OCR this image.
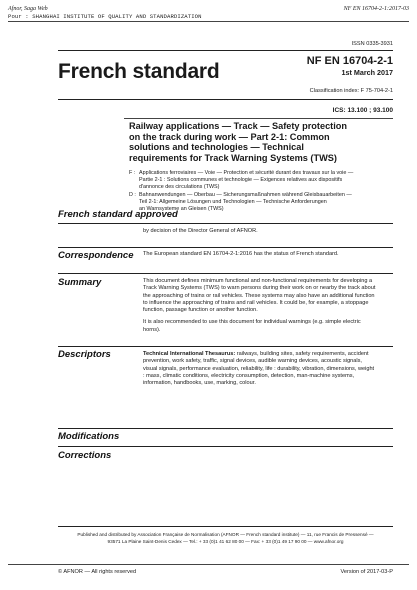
Afnor, Saga Web
Pour : SHANGHAI INSTITUTE OF QUALITY AND STANDARDIZATION
NF EN 16704-2-1:2017-03
ISSN 0335-3931
French standard	NF EN 16704-2-1
1st March 2017
Classification index: F 75-704-2-1
ICS: 13.100 ; 93.100
Railway applications — Track — Safety protection
on the track during work — Part 2-1: Common
solutions and technologies — Technical
requirements for Track Warning Systems (TWS)
F : Applications ferroviaires — Voie — Protection et sécurité durant des travaux sur la voie —
Partie 2-1 : Solutions communes et technologie — Exigences relatives aux dispositifs
d'annonce des circulations (TWS)
D : Bahnanwendungen — Oberbau — Sicherungsmaßnahmen während Gleisbauarbeiten —
Teil 2-1: Allgemeine Lösungen und Technologien — Technische Anforderungen
an Warnsysteme an Gleisen (TWS)
French standard approved
by decision of the Director General of AFNOR.
Correspondence The European standard EN 16704-2-1:2016 has the status of French standard.
Summary	This document defines minimum functional and non-functional requirements for developing a
Track Warning Systems (TWS) to warn persons during their work on or nearby the track about
the approaching of trains or rail vehicles. These systems may also have an additional function
to influence the approaching of trains and rail vehicles. It could be, for example, a stoppage
function, passage function or another function.
It is also recommended to use this document for individual warnings (e.g. simple electric
horns).
Descriptors	Technical International Thesaurus: railways, building sites, safety requirements, accident
prevention, work safety, traffic, signal devices, audible warning devices, acoustic signals,
visual signals, performance evaluation, reliability, life : durability, vibration, dimensions, weight
: mass, climatic conditions, electricity consumption, detection, man-machine systems,
information, handbooks, use, marking, colour.
Modifications
Corrections
Published and distributed by Association Française de Normalisation (AFNOR — French standard institute) — 11, rue Francis de Pressensé —
93571 La Plaine Saint-Denis Cedex — Tel.: + 33 (0)1 41 62 80 00 — Fax: + 33 (0)1 49 17 90 00 — www.afnor.org
© AFNOR — All rights reserved	Version of 2017-03-P
